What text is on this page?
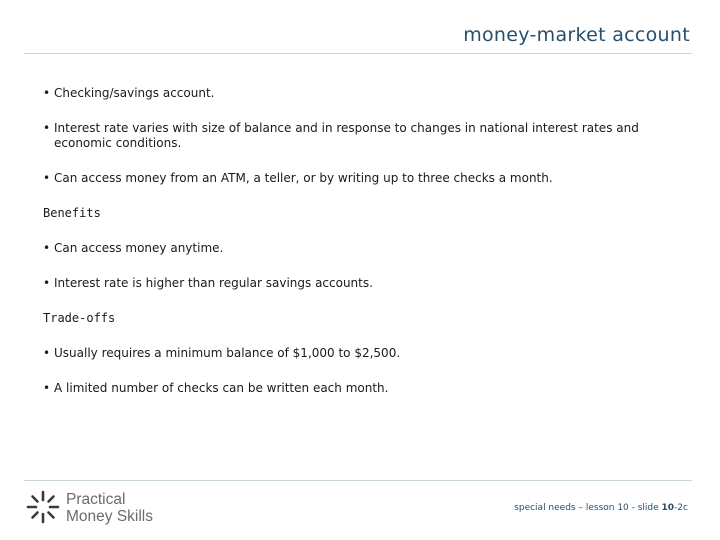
money-market account

• Checking/savings account.

• Interest rate varies with size of balance and in response to changes in national interest rates and economic conditions.

• Can access money from an ATM, a teller, or by writing up to three checks a month.

Benefits

• Can access money anytime.

• Interest rate is higher than regular savings accounts.

Trade-offs

• Usually requires a minimum balance of $1,000 to $2,500.

• A limited number of checks can be written each month.

Practical
Money Skills	special needs – lesson 10 - slide 10-2c
